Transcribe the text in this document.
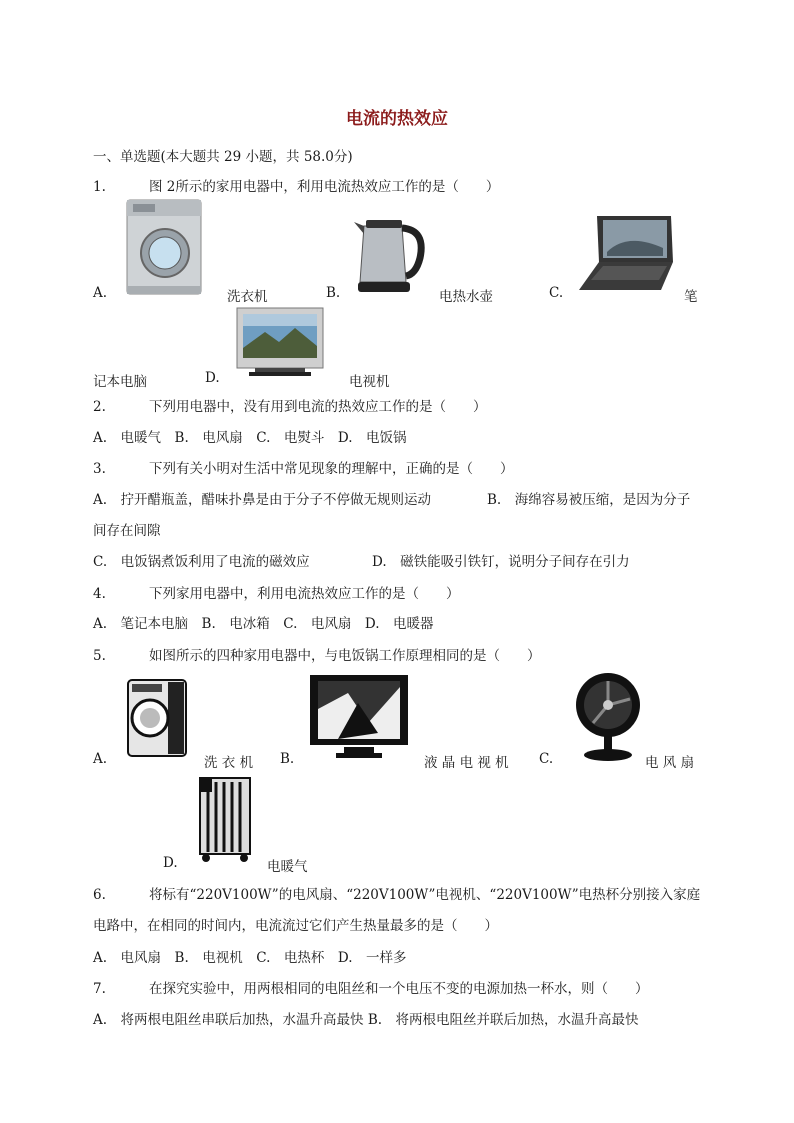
电流的热效应
一、单选题(本大题共 29 小题，共 58.0分)
1.	图 2所示的家用电器中，利用电流热效应工作的是（　　）
A.	洗衣机	B.	电热水壶	C.	笔
记本电脑	D.	电视机
2.	下列用电器中，没有用到电流的热效应工作的是（　　）
A.　电暖气　B.　电风扇　C.　电熨斗　D.　电饭锅
3.	下列有关小明对生活中常见现象的理解中，正确的是（　　）
A.　拧开醋瓶盖，醋味扑鼻是由于分子不停做无规则运动	B.　海绵容易被压缩，是因为分子
间存在间隙
C.　电饭锅煮饭利用了电流的磁效应	D.　磁铁能吸引铁钉，说明分子间存在引力
4.	下列家用电器中，利用电流热效应工作的是（　　）
A.　笔记本电脑　B.　电冰箱　C.　电风扇　D.　电暖器
5.	如图所示的四种家用电器中，与电饭锅工作原理相同的是（　　）
A.	洗 衣 机 B.	液 晶 电 视 机 C.	电 风 扇
D.	电暖气
6.	将标有“220V100W”的电风扇、“220V100W”电视机、“220V100W”电热杯分别接入家庭
电路中，在相同的时间内，电流流过它们产生热量最多的是（　　）
A.　电风扇　B.　电视机　C.　电热杯　D.　一样多
7.	在探究实验中，用两根相同的电阻丝和一个电压不变的电源加热一杯水，则（　　）
A.　将两根电阻丝串联后加热，水温升高最快 B.　将两根电阻丝并联后加热，水温升高最快
